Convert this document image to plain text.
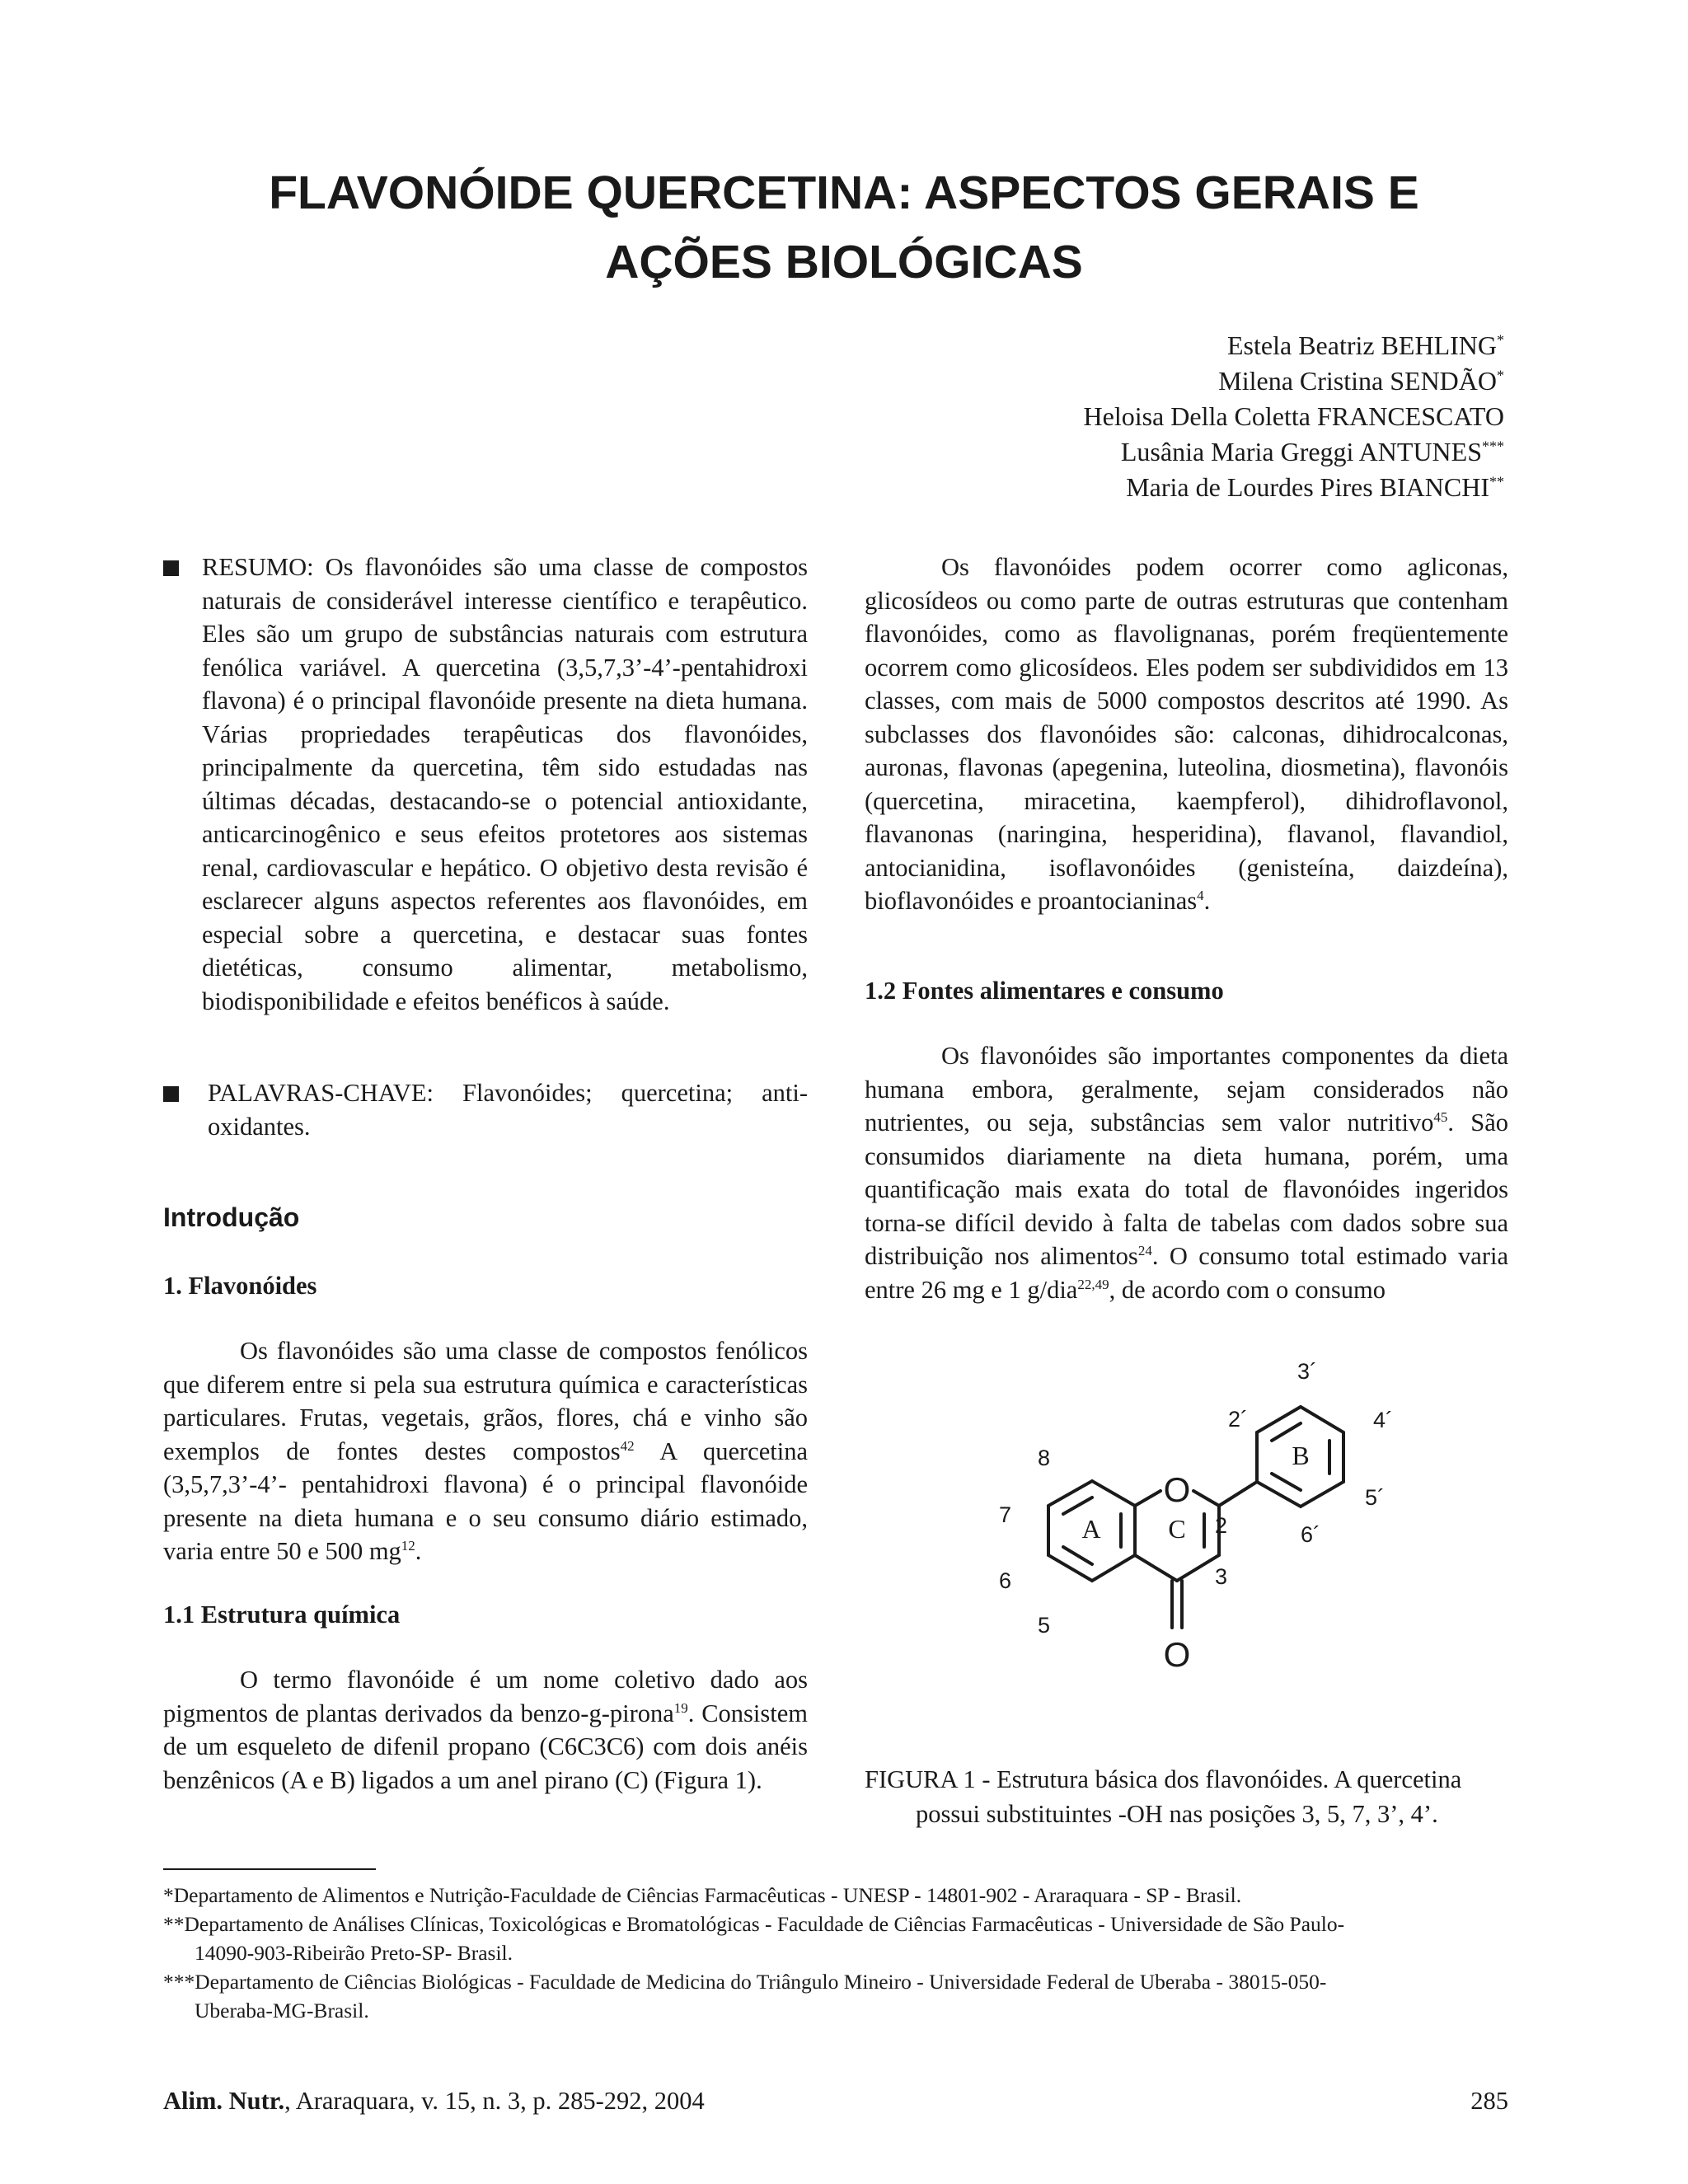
FLAVONÓIDE QUERCETINA: ASPECTOS GERAIS E
AÇÕES BIOLÓGICAS
Estela Beatriz BEHLING*
Milena Cristina SENDÃO*
Heloisa Della Coletta FRANCESCATO
Lusânia Maria Greggi ANTUNES***
Maria de Lourdes Pires BIANCHI**
RESUMO: Os flavonóides são uma classe de compostos naturais de considerável interesse científico e terapêutico. Eles são um grupo de substâncias naturais com estrutura fenólica variável. A quercetina (3,5,7,3’-4’-pentahidroxi flavona) é o principal flavonóide presente na dieta humana. Várias propriedades terapêuticas dos flavonóides, principalmente da quercetina, têm sido estudadas nas últimas décadas, destacando-se o potencial antioxidante, anticarcinogênico e seus efeitos protetores aos sistemas renal, cardiovascular e hepático. O objetivo desta revisão é esclarecer alguns aspectos referentes aos flavonóides, em especial sobre a quercetina, e destacar suas fontes dietéticas, consumo alimentar, metabolismo, biodisponibilidade e efeitos benéficos à saúde.
PALAVRAS-CHAVE: Flavonóides; quercetina; anti-oxidantes.
Introdução
1. Flavonóides

Os flavonóides são uma classe de compostos fenólicos que diferem entre si pela sua estrutura química e características particulares. Frutas, vegetais, grãos, flores, chá e vinho são exemplos de fontes destes compostos$^{42}$ A quercetina (3,5,7,3’-4’- pentahidroxi flavona) é o principal flavonóide presente na dieta humana e o seu consumo diário estimado, varia entre 50 e 500 $mg^{12}$.

1.1 Estrutura química

O termo flavonóide é um nome coletivo dado aos pigmentos de plantas derivados da benzo-g-pirona$^{19}$. Consistem de um esqueleto de difenil propano (C6C3C6) com dois anéis benzênicos (A e B) ligados a um anel pirano (C) (Figura 1).

Os flavonóides podem ocorrer como agliconas, glicosídeos ou como parte de outras estruturas que contenham flavonóides, como as flavolignanas, porém freqüentemente ocorrem como glicosídeos. Eles podem ser subdivididos em 13 classes, com mais de 5000 compostos descritos até 1990. As subclasses dos flavonóides são: calconas, dihidrocalconas, auronas, flavonas (apegenina, luteolina, diosmetina), flavonóis (quercetina, miracetina, kaempferol), dihidroflavonol, flavanonas (naringina, hesperidina), flavanol, flavandiol, antocianidina, isoflavonóides (genisteína, daizdeína), bioflavonóides e proantocianinas$^4$.

1.2 Fontes alimentares e consumo

Os flavonóides são importantes componentes da dieta humana embora, geralmente, sejam considerados não nutrientes, ou seja, substâncias sem valor nutritivo$^{45}$. São consumidos diariamente na dieta humana, porém, uma quantificação mais exata do total de flavonóides ingeridos torna-se difícil devido à falta de tabelas com dados sobre sua distribuição nos alimentos$^{24}$. O consumo total estimado varia entre 26 mg e 1 g/dia$^{22,49}$, de acordo com o consumo

O
O
A	C
B
8
7
6
5
2
3
2´
3´
4´
5´
6´
FIGURA 1 - Estrutura básica dos flavonóides. A quercetina
possui substituintes -OH nas posições 3, 5, 7, 3’, 4’.

*Departamento de Alimentos e Nutrição-Faculdade de Ciências Farmacêuticas - UNESP - 14801-902 - Araraquara - SP - Brasil.

**Departamento de Análises Clínicas, Toxicológicas e Bromatológicas - Faculdade de Ciências Farmacêuticas - Universidade de São Paulo-

14090-903-Ribeirão Preto-SP- Brasil.

***Departamento de Ciências Biológicas - Faculdade de Medicina do Triângulo Mineiro - Universidade Federal de Uberaba - 38015-050-

Uberaba-MG-Brasil.

Alim. Nutr., Araraquara, v. 15, n. 3, p. 285-292, 2004	285
